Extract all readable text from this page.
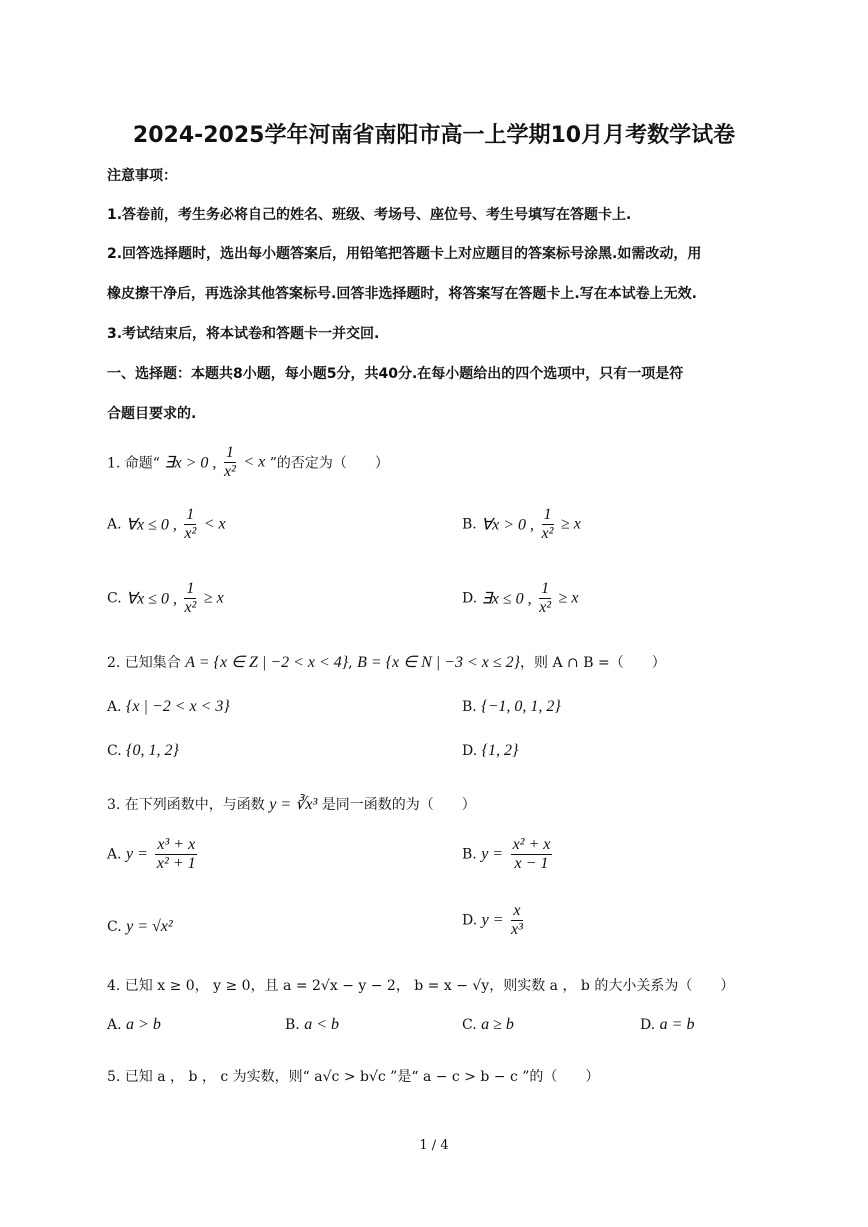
2024-2025学年河南省南阳市高一上学期10月月考数学试卷
注意事项：
1.答卷前，考生务必将自己的姓名、班级、考场号、座位号、考生号填写在答题卡上.
2.回答选择题时，选出每小题答案后，用铅笔把答题卡上对应题目的答案标号涂黑.如需改动，用
橡皮擦干净后，再选涂其他答案标号.回答非选择题时，将答案写在答题卡上.写在本试卷上无效.
3.考试结束后，将本试卷和答题卡一并交回.
一、选择题：本题共8小题，每小题5分，共40分.在每小题给出的四个选项中，只有一项是符
合题目要求的.
1. 命题“ ∃x > 0 , $\frac{1}{\text{x²}} < x$ ”的否定为（　　）
A. ∀x ≤ 0 , $\frac{1}{\text{x²}} < x$	B. ∀x > 0 , $\frac{1}{\text{x²}} \ge x$
C. ∀x ≤ 0 , $\frac{1}{\text{x²}} \ge x$	D. ∃x ≤ 0 , $\frac{1}{\text{x²}} \ge x$
2. 已知集合 A = {x ∈ Z | −2 < x < 4}, B = {x ∈ N | −3 < x ≤ 2}，则 A ∩ B =（　　）
A. {x | −2 < x < 3}	B. {−1, 0, 1, 2}
C. {0, 1, 2}	D. {1, 2}
3. 在下列函数中，与函数 y = ∛x³ 是同一函数的为（　　）
A. $y = \frac{\text{x³ + x}}{\text{x² + 1}}$	B. $y = \frac{\text{x² + x}}{x - 1}$
C. y = √x²	D. $y = \frac{x}{\text{x³}}$
4. 已知 x ≥ 0， y ≥ 0，且 a = 2√x − y − 2， b = x − √y，则实数 a ， b 的大小关系为（　　）
A. a > b	B. a < b	C. a ≥ b	D. a = b
5. 已知 a ， b ， c 为实数，则“ a√c > b√c ”是“ a − c > b − c ”的（　　）
1 / 4
